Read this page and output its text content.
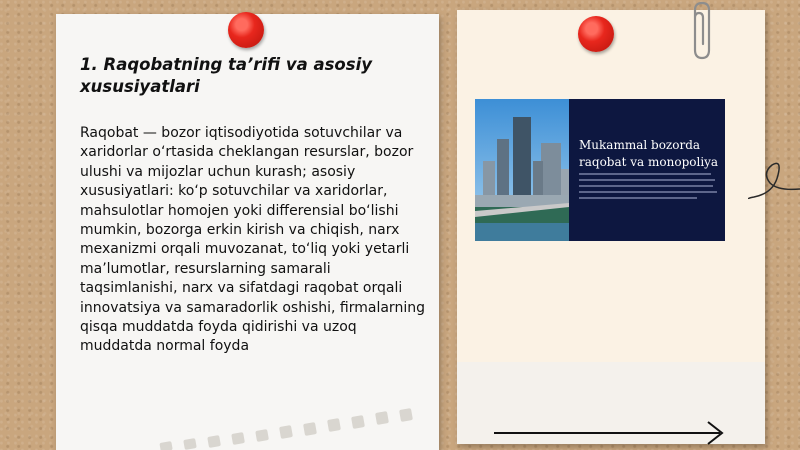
1. Raqobatning ta’rifi va asosiy xususiyatlari
Raqobat — bozor iqtisodiyotida sotuvchilar va xaridorlar o‘rtasida cheklangan resurslar, bozor ulushi va mijozlar uchun kurash; asosiy xususiyatlari: ko‘p sotuvchilar va xaridorlar, mahsulotlar homojen yoki differensial bo‘lishi mumkin, bozorga erkin kirish va chiqish, narx mexanizmi orqali muvozanat, to‘liq yoki yetarli ma’lumotlar, resurslarning samarali taqsimlanishi, narx va sifatdagi raqobat orqali innovatsiya va samaradorlik oshishi, firmalarning qisqa muddatda foyda qidirishi va uzoq muddatda normal foyda
Mukammal bozorda raqobat va monopoliya
